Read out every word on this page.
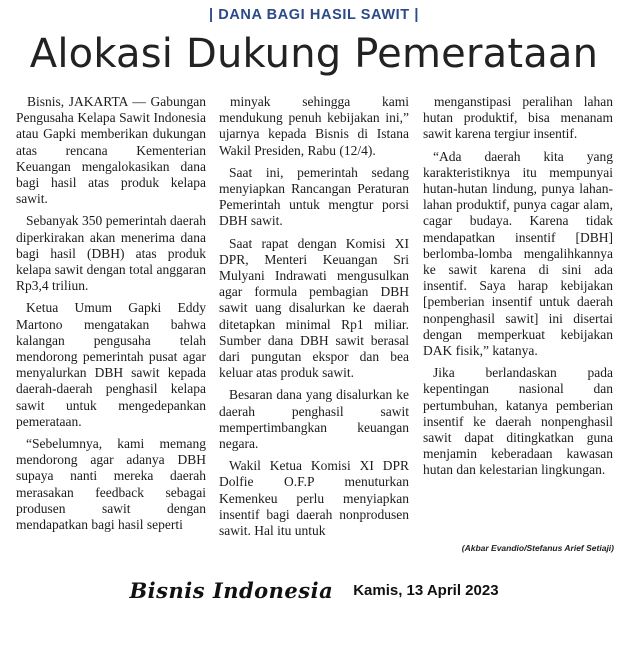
| DANA BAGI HASIL SAWIT |
Alokasi Dukung Pemerataan

Bisnis, JAKARTA — Gabungan Pengusaha Kelapa Sawit Indonesia atau Gapki memberikan dukungan atas rencana Kementerian Keuangan mengalokasikan dana bagi hasil atas produk kelapa sawit.

Sebanyak 350 pemerintah daerah diperkirakan akan menerima dana bagi hasil (DBH) atas produk kelapa sawit dengan total anggaran Rp3,4 triliun.

Ketua Umum Gapki Eddy Martono mengatakan bahwa kalangan pengusaha telah mendorong pemerintah pusat agar menyalurkan DBH sawit kepada daerah-daerah penghasil kelapa sawit untuk mengedepankan pemerataan.

“Sebelumnya, kami memang mendorong agar adanya DBH supaya nanti mereka daerah merasakan feedback sebagai produsen sawit dengan mendapatkan bagi hasil seperti

minyak sehingga kami mendukung penuh kebijakan ini,” ujarnya kepada Bisnis di Istana Wakil Presiden, Rabu (12/4).

Saat ini, pemerintah sedang menyiapkan Rancangan Peraturan Pemerintah untuk mengtur porsi DBH sawit.

Saat rapat dengan Komisi XI DPR, Menteri Keuangan Sri Mulyani Indrawati mengusulkan agar formula pembagian DBH sawit uang disalurkan ke daerah ditetapkan minimal Rp1 miliar. Sumber dana DBH sawit berasal dari pungutan ekspor dan bea keluar atas produk sawit.

Besaran dana yang disalurkan ke daerah penghasil sawit mempertimbangkan keuangan negara.

Wakil Ketua Komisi XI DPR Dolfie O.F.P menuturkan Kemenkeu perlu menyiapkan insentif bagi daerah nonprodusen sawit. Hal itu untuk

menganstipasi peralihan lahan hutan produktif, bisa menanam sawit karena tergiur insentif.

“Ada daerah kita yang karakteristiknya itu mempunyai hutan-hutan lindung, punya lahan-lahan produktif, punya cagar alam, cagar budaya. Karena tidak mendapatkan insentif [DBH] berlomba-lomba mengalihkannya ke sawit karena di sini ada insentif. Saya harap kebijakan [pemberian insentif untuk daerah nonpenghasil sawit] ini disertai dengan memperkuat kebijakan DAK fisik,” katanya.

Jika berlandaskan pada kepentingan nasional dan pertumbuhan, katanya pemberian insentif ke daerah nonpenghasil sawit dapat ditingkatkan guna menjamin keberadaan kawasan hutan dan kelestarian lingkungan.

(Akbar Evandio/Stefanus Arief Setiaji)
Bisnis Indonesia Kamis, 13 April 2023
